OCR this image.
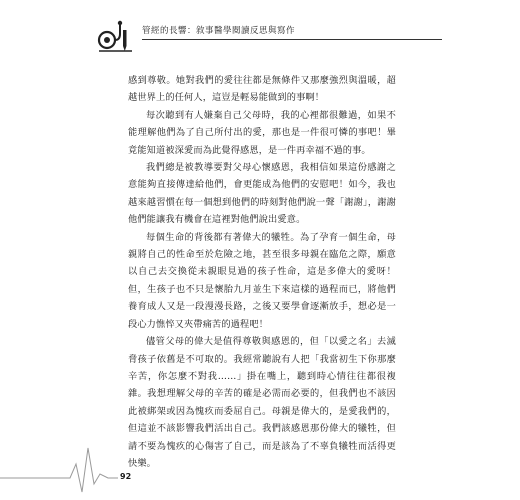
管經的長響：敘事醫學閱讀反思與寫作

感到尊敬。她對我們的愛往往都是無條件又那麼強烈與溫暖，超越世界上的任何人，這豈是輕易能做到的事啊！

每次聽到有人嫌棄自己父母時，我的心裡都很難過，如果不能理解他們為了自己所付出的愛，那也是一件很可憐的事吧！畢竟能知道被深愛而為此覺得感恩，是一件再幸福不過的事。

我們總是被教導要對父母心懷感恩，我相信如果這份感謝之意能夠直接傳達給他們，會更能成為他們的安慰吧！如今，我也越來越習慣在每一個想到他們的時刻對他們說一聲「謝謝」，謝謝他們能讓我有機會在這裡對他們說出愛意。

每個生命的背後都有著偉大的犧牲。為了孕育一個生命，母親將自己的性命至於危險之地，甚至很多母親在臨危之際，願意以自己去交換從未親眼見過的孩子性命，這是多偉大的愛呀！但，生孩子也不只是懷胎九月並生下來這樣的過程而已，將他們養育成人又是一段漫漫長路，之後又要學會逐漸放手，想必是一段心力憔悴又夾帶痛苦的過程吧！

儘管父母的偉大是值得尊敬與感恩的，但「以愛之名」去滅脅孩子依舊是不可取的。我經常聽說有人把「我當初生下你那麼辛苦，你怎麼不對我……」掛在嘴上，聽到時心情往往都很複雜。我想理解父母的辛苦的確是必需而必要的，但我們也不該因此被綁架或因為愧疚而委屈自己。母親是偉大的，是愛我們的，但這並不該影響我們活出自己。我們該感恩那份偉大的犧牲，但請不要為愧疚的心傷害了自己，而是該為了不辜負犧牲而活得更快樂。

92
